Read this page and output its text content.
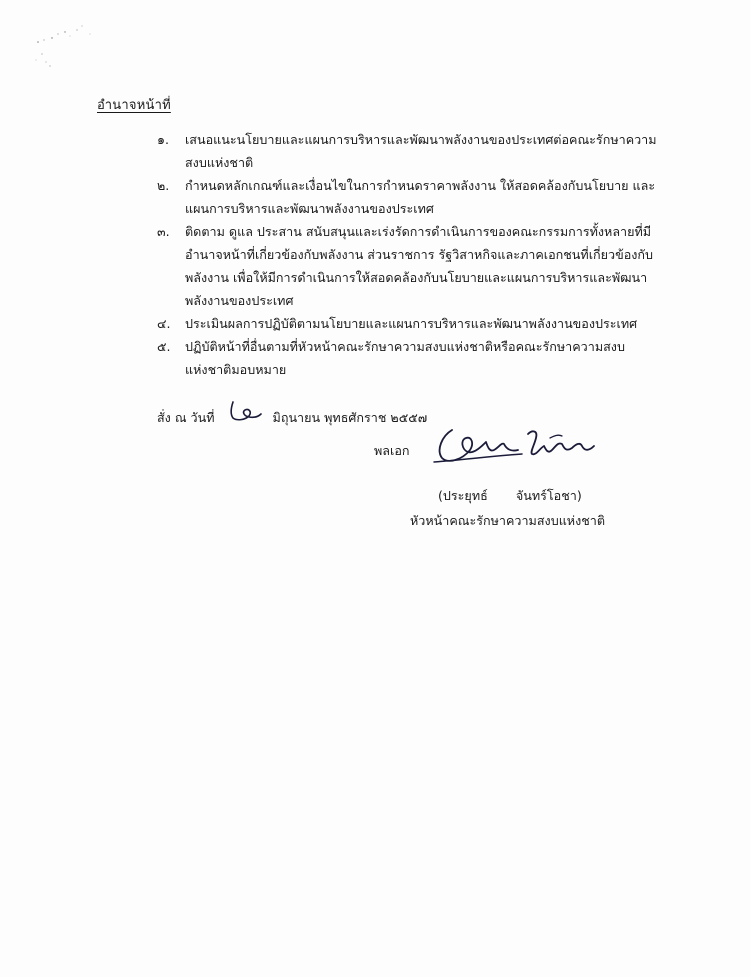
อำนาจหน้าที่
๑.	เสนอแนะนโยบายและแผนการบริหารและพัฒนาพลังงานของประเทศต่อคณะรักษาความ
สงบแห่งชาติ
๒.	กำหนดหลักเกณฑ์และเงื่อนไขในการกำหนดราคาพลังงาน ให้สอดคล้องกับนโยบาย และ
แผนการบริหารและพัฒนาพลังงานของประเทศ
๓.	ติดตาม ดูแล ประสาน สนับสนุนและเร่งรัดการดำเนินการของคณะกรรมการทั้งหลายที่มี
อำนาจหน้าที่เกี่ยวข้องกับพลังงาน ส่วนราชการ รัฐวิสาหกิจและภาคเอกชนที่เกี่ยวข้องกับ
พลังงาน เพื่อให้มีการดำเนินการให้สอดคล้องกับนโยบายและแผนการบริหารและพัฒนา
พลังงานของประเทศ
๔.	ประเมินผลการปฏิบัติตามนโยบายและแผนการบริหารและพัฒนาพลังงานของประเทศ
๕.	ปฏิบัติหน้าที่อื่นตามที่หัวหน้าคณะรักษาความสงบแห่งชาติหรือคณะรักษาความสงบ
แห่งชาติมอบหมาย
สั่ง ณ วันที่	มิถุนายน พุทธศักราช ๒๕๕๗
พลเอก
(ประยุทธ์       จันทร์โอชา)
หัวหน้าคณะรักษาความสงบแห่งชาติ
